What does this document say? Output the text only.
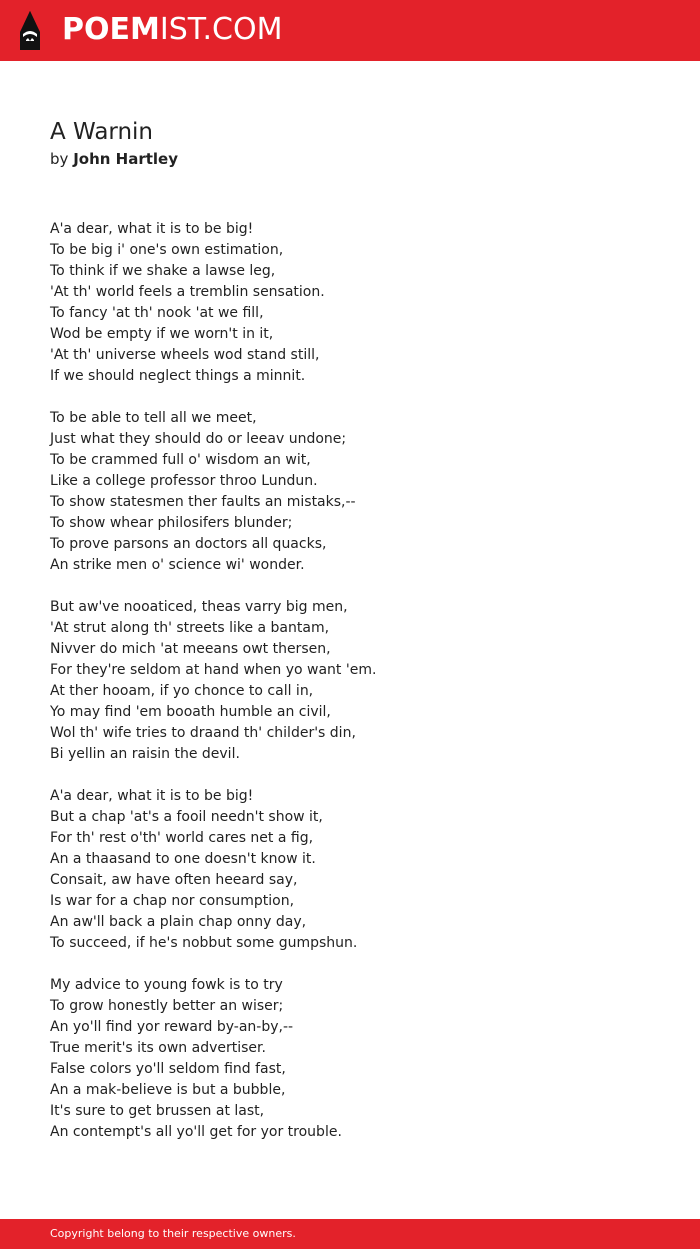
POEMIST.COM
A Warnin
by John Hartley
A'a dear, what it is to be big!
To be big i' one's own estimation,
To think if we shake a lawse leg,
'At th' world feels a tremblin sensation.
To fancy 'at th' nook 'at we fill,
Wod be empty if we worn't in it,
'At th' universe wheels wod stand still,
If we should neglect things a minnit.
To be able to tell all we meet,
Just what they should do or leeav undone;
To be crammed full o' wisdom an wit,
Like a college professor throo Lundun.
To show statesmen ther faults an mistaks,--
To show whear philosifers blunder;
To prove parsons an doctors all quacks,
An strike men o' science wi' wonder.
But aw've nooaticed, theas varry big men,
'At strut along th' streets like a bantam,
Nivver do mich 'at meeans owt thersen,
For they're seldom at hand when yo want 'em.
At ther hooam, if yo chonce to call in,
Yo may find 'em booath humble an civil,
Wol th' wife tries to draand th' childer's din,
Bi yellin an raisin the devil.
A'a dear, what it is to be big!
But a chap 'at's a fooil needn't show it,
For th' rest o'th' world cares net a fig,
An a thaasand to one doesn't know it.
Consait, aw have often heeard say,
Is war for a chap nor consumption,
An aw'll back a plain chap onny day,
To succeed, if he's nobbut some gumpshun.
My advice to young fowk is to try
To grow honestly better an wiser;
An yo'll find yor reward by-an-by,--
True merit's its own advertiser.
False colors yo'll seldom find fast,
An a mak-believe is but a bubble,
It's sure to get brussen at last,
An contempt's all yo'll get for yor trouble.
Copyright belong to their respective owners.
